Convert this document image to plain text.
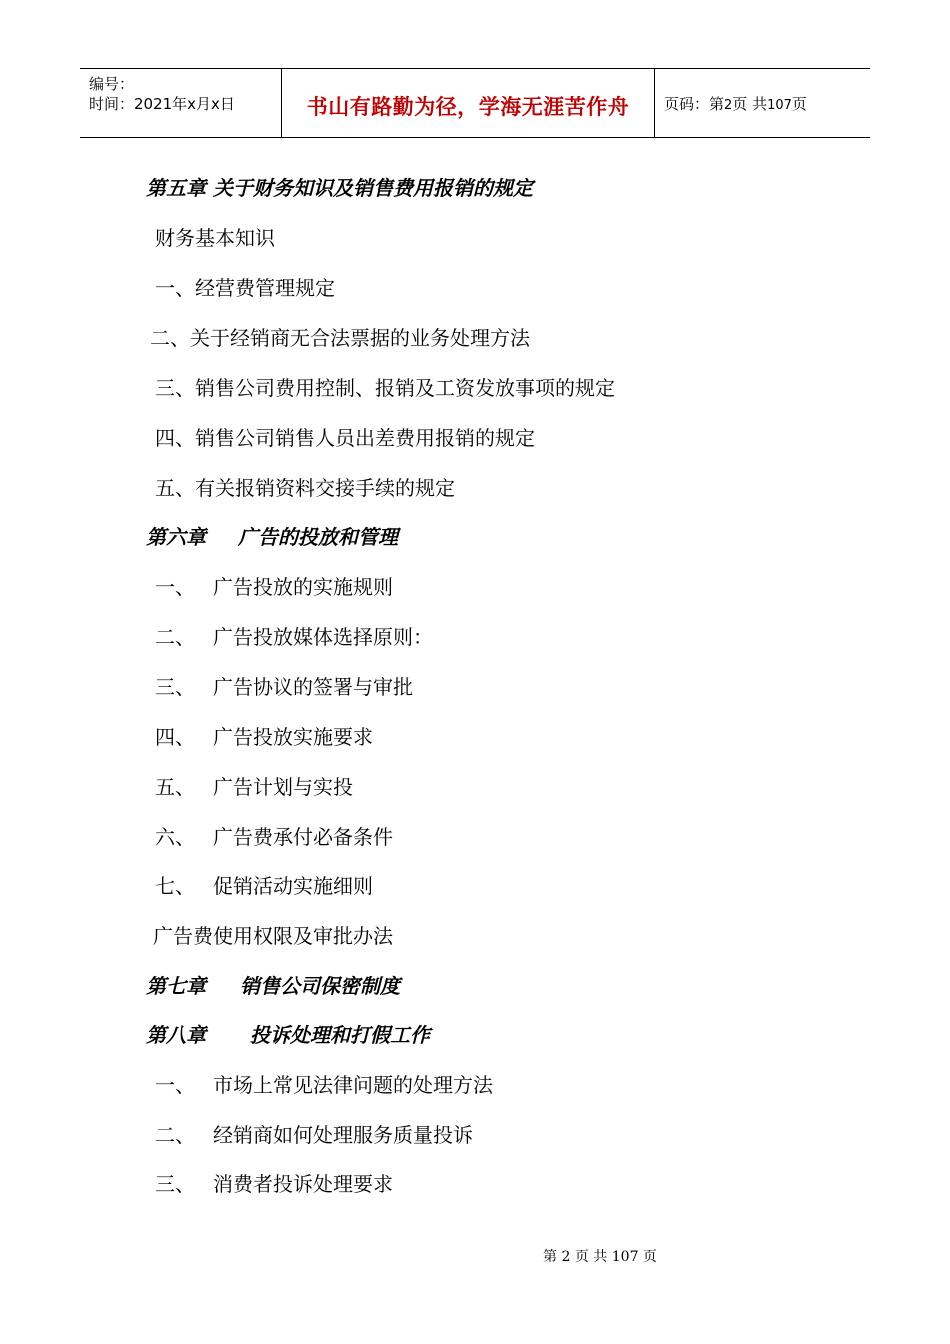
编号：
时间：2021年x月x日	书山有路勤为径，学海无涯苦作舟	页码：第2页 共107页
第五章 关于财务知识及销售费用报销的规定
财务基本知识
一、经营费管理规定
二、关于经销商无合法票据的业务处理方法
三、销售公司费用控制、报销及工资发放事项的规定
四、销售公司销售人员出差费用报销的规定
五、有关报销资料交接手续的规定
第六章 广告的投放和管理
一、 广告投放的实施规则
二、 广告投放媒体选择原则：
三、 广告协议的签署与审批
四、 广告投放实施要求
五、 广告计划与实投
六、 广告费承付必备条件
七、 促销活动实施细则
广告费使用权限及审批办法
第七章 销售公司保密制度
第八章 投诉处理和打假工作
一、 市场上常见法律问题的处理方法
二、 经销商如何处理服务质量投诉
三、 消费者投诉处理要求
第 2 页 共 107 页
